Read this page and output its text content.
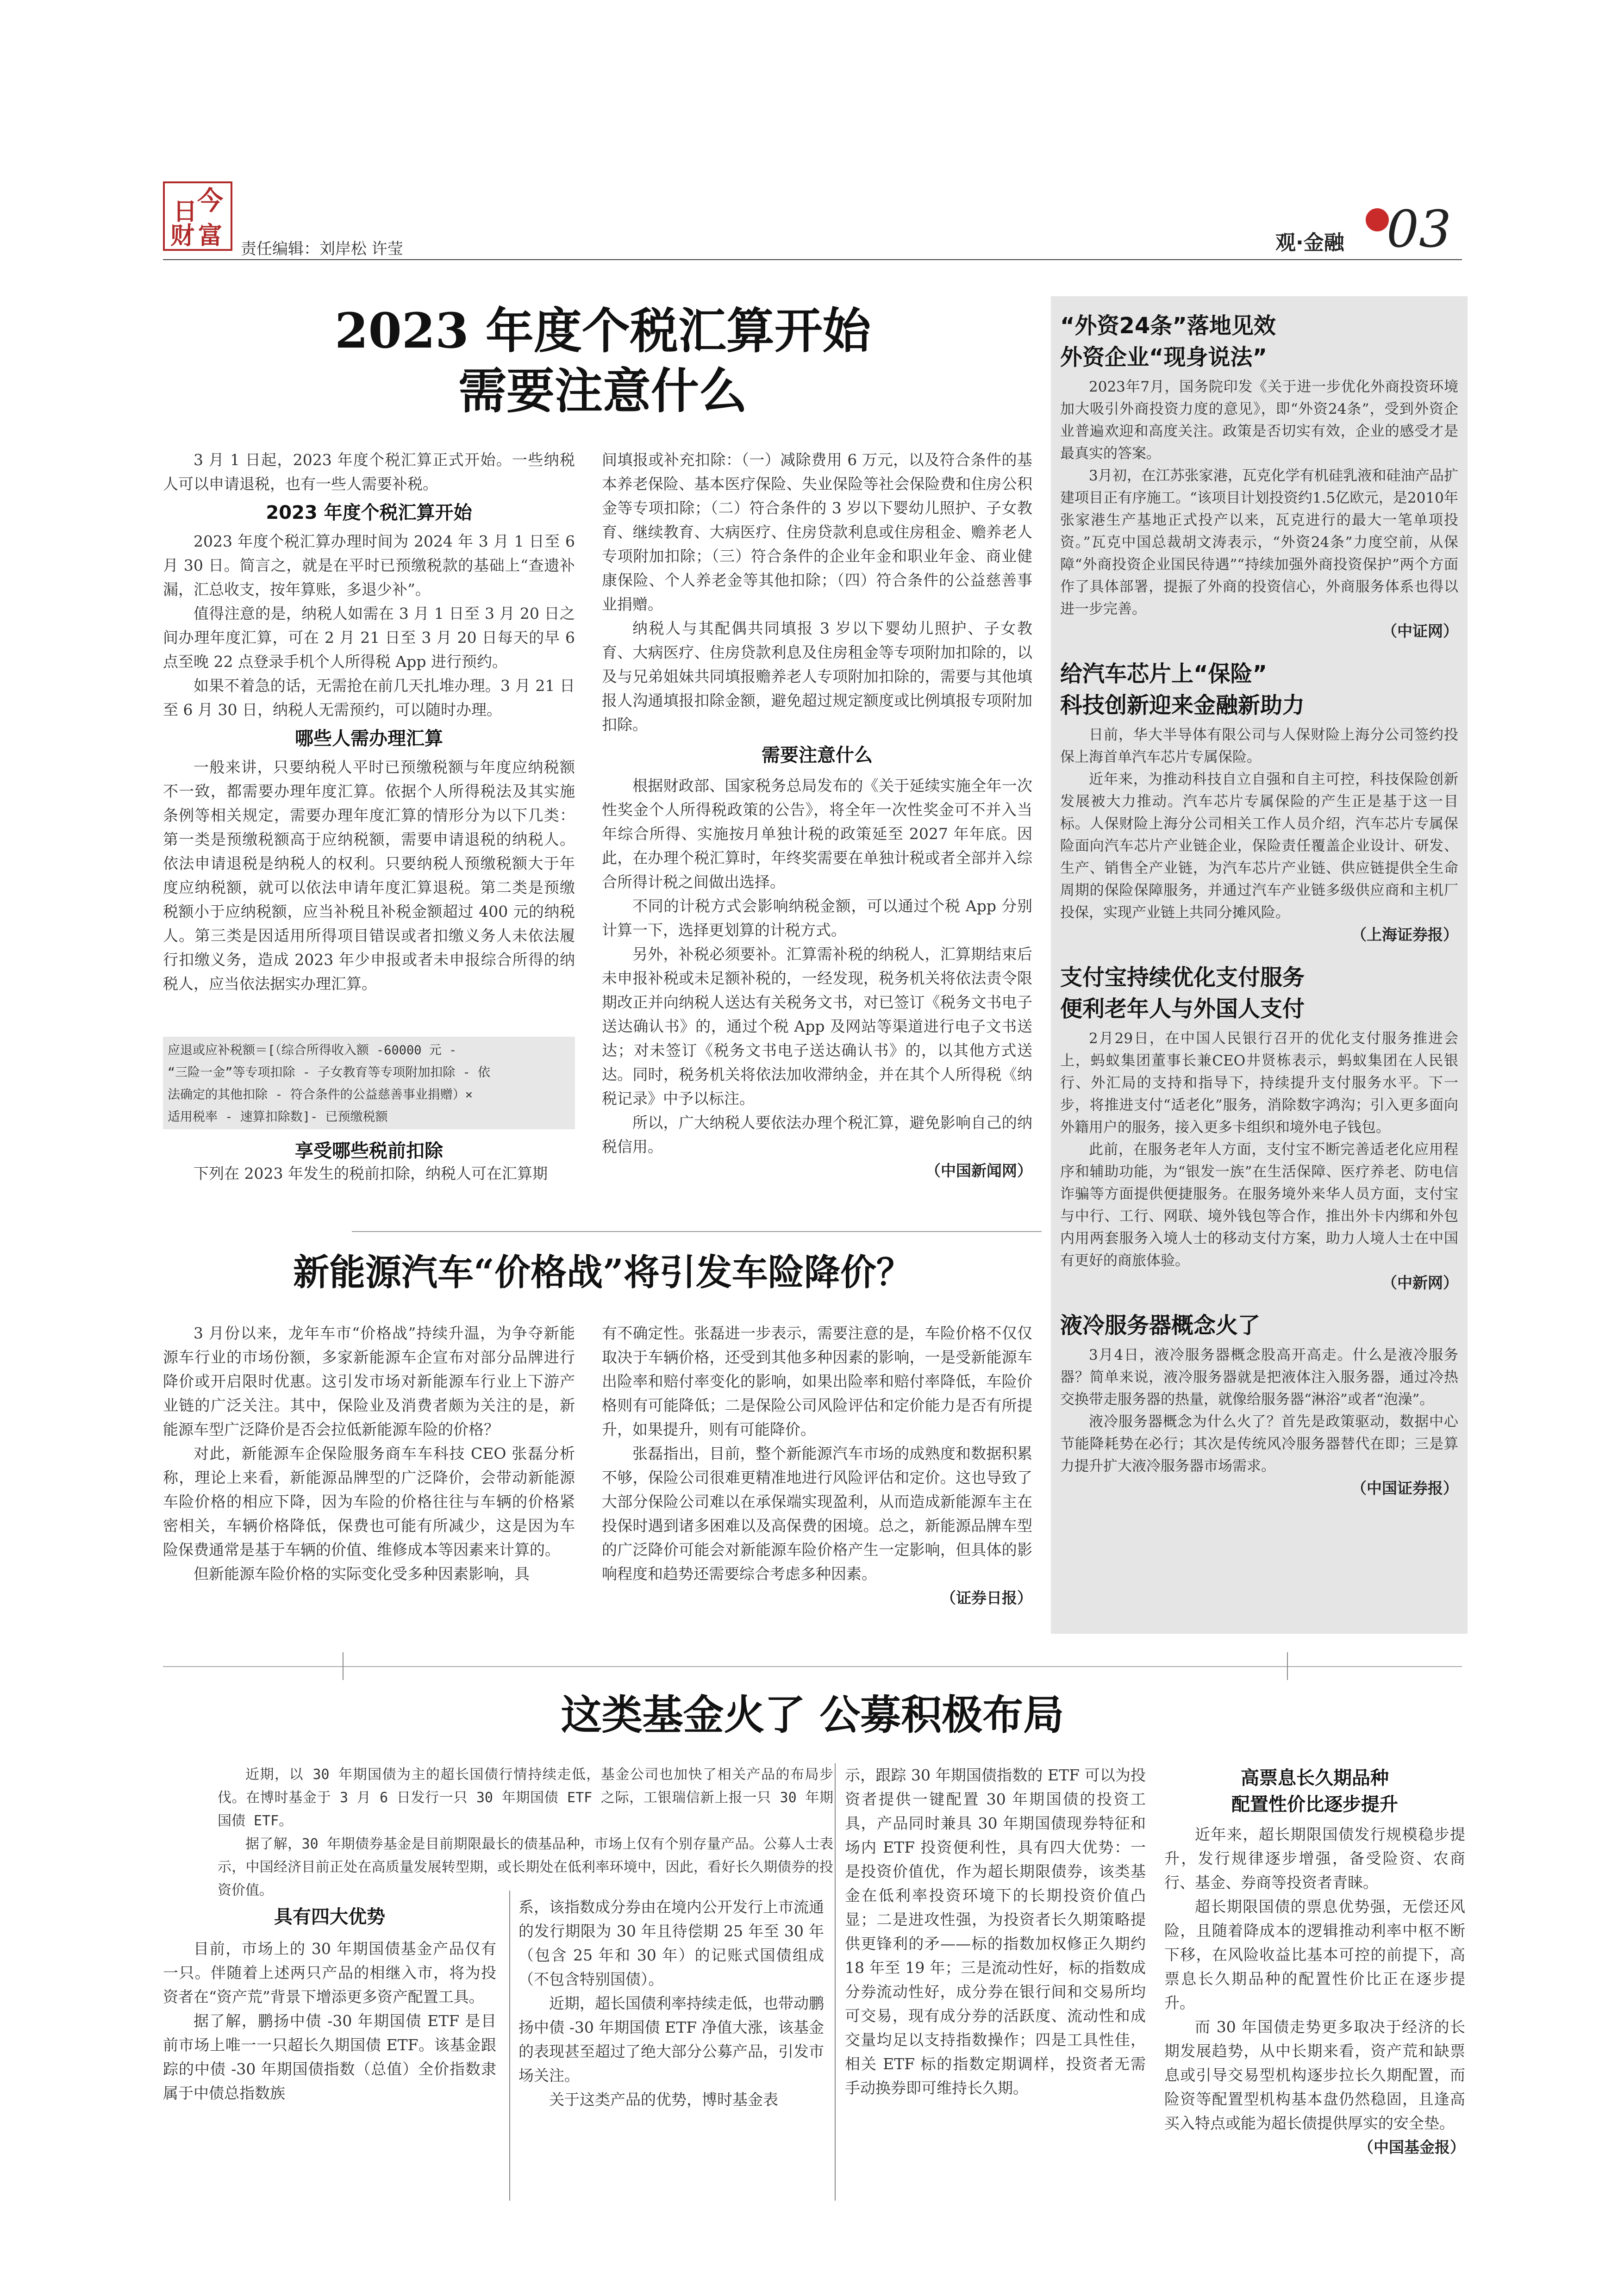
今
日
财 富 责任编辑：刘岸松 许莹	观·金融 03
2023 年度个税汇算开始
需要注意什么

3 月 1 日起，2023 年度个税汇算正式开始。一些纳税人可以申请退税，也有一些人需要补税。

2023 年度个税汇算开始

2023 年度个税汇算办理时间为 2024 年 3 月 1 日至 6 月 30 日。简言之，就是在平时已预缴税款的基础上“查遗补漏，汇总收支，按年算账，多退少补”。

值得注意的是，纳税人如需在 3 月 1 日至 3 月 20 日之间办理年度汇算，可在 2 月 21 日至 3 月 20 日每天的早 6 点至晚 22 点登录手机个人所得税 App 进行预约。

如果不着急的话，无需抢在前几天扎堆办理。3 月 21 日至 6 月 30 日，纳税人无需预约，可以随时办理。

哪些人需办理汇算

一般来讲，只要纳税人平时已预缴税额与年度应纳税额不一致，都需要办理年度汇算。依据个人所得税法及其实施条例等相关规定，需要办理年度汇算的情形分为以下几类：第一类是预缴税额高于应纳税额，需要申请退税的纳税人。依法申请退税是纳税人的权利。只要纳税人预缴税额大于年度应纳税额，就可以依法申请年度汇算退税。第二类是预缴税额小于应纳税额，应当补税且补税金额超过 400 元的纳税人。第三类是因适用所得项目错误或者扣缴义务人未依法履行扣缴义务，造成 2023 年少申报或者未申报综合所得的纳税人，应当依法据实办理汇算。

应退或应补税额＝[（综合所得收入额 -60000 元 -
“三险一金”等专项扣除 - 子女教育等专项附加扣除 - 依
法确定的其他扣除 - 符合条件的公益慈善事业捐赠）×
适用税率 - 速算扣除数]- 已预缴税额
享受哪些税前扣除

下列在 2023 年发生的税前扣除，纳税人可在汇算期

间填报或补充扣除：（一）减除费用 6 万元，以及符合条件的基本养老保险、基本医疗保险、失业保险等社会保险费和住房公积金等专项扣除；（二）符合条件的 3 岁以下婴幼儿照护、子女教育、继续教育、大病医疗、住房贷款利息或住房租金、赡养老人专项附加扣除；（三）符合条件的企业年金和职业年金、商业健康保险、个人养老金等其他扣除；（四）符合条件的公益慈善事业捐赠。

纳税人与其配偶共同填报 3 岁以下婴幼儿照护、子女教育、大病医疗、住房贷款利息及住房租金等专项附加扣除的，以及与兄弟姐妹共同填报赡养老人专项附加扣除的，需要与其他填报人沟通填报扣除金额，避免超过规定额度或比例填报专项附加扣除。

需要注意什么

根据财政部、国家税务总局发布的《关于延续实施全年一次性奖金个人所得税政策的公告》，将全年一次性奖金可不并入当年综合所得、实施按月单独计税的政策延至 2027 年年底。因此，在办理个税汇算时，年终奖需要在单独计税或者全部并入综合所得计税之间做出选择。

不同的计税方式会影响纳税金额，可以通过个税 App 分别计算一下，选择更划算的计税方式。

另外，补税必须要补。汇算需补税的纳税人，汇算期结束后未申报补税或未足额补税的，一经发现，税务机关将依法责令限期改正并向纳税人送达有关税务文书，对已签订《税务文书电子送达确认书》的，通过个税 App 及网站等渠道进行电子文书送达；对未签订《税务文书电子送达确认书》的，以其他方式送达。同时，税务机关将依法加收滞纳金，并在其个人所得税《纳税记录》中予以标注。

所以，广大纳税人要依法办理个税汇算，避免影响自己的纳税信用。

（中国新闻网）
“外资24条”落地见效
外资企业“现身说法”

2023年7月，国务院印发《关于进一步优化外商投资环境 加大吸引外商投资力度的意见》，即“外资24条”，受到外资企业普遍欢迎和高度关注。政策是否切实有效，企业的感受才是最真实的答案。

3月初，在江苏张家港，瓦克化学有机硅乳液和硅油产品扩建项目正有序施工。“该项目计划投资约1.5亿欧元，是2010年张家港生产基地正式投产以来，瓦克进行的最大一笔单项投资。”瓦克中国总裁胡文涛表示，“外资24条”力度空前，从保障“外商投资企业国民待遇”“持续加强外商投资保护”两个方面作了具体部署，提振了外商的投资信心，外商服务体系也得以进一步完善。

（中证网）
给汽车芯片上“保险”
科技创新迎来金融新助力

日前，华大半导体有限公司与人保财险上海分公司签约投保上海首单汽车芯片专属保险。

近年来，为推动科技自立自强和自主可控，科技保险创新发展被大力推动。汽车芯片专属保险的产生正是基于这一目标。人保财险上海分公司相关工作人员介绍，汽车芯片专属保险面向汽车芯片产业链企业，保险责任覆盖企业设计、研发、生产、销售全产业链，为汽车芯片产业链、供应链提供全生命周期的保险保障服务，并通过汽车产业链多级供应商和主机厂投保，实现产业链上共同分摊风险。

（上海证券报）
支付宝持续优化支付服务
便利老年人与外国人支付

2月29日，在中国人民银行召开的优化支付服务推进会上，蚂蚁集团董事长兼CEO井贤栋表示，蚂蚁集团在人民银行、外汇局的支持和指导下，持续提升支付服务水平。下一步，将推进支付“适老化”服务，消除数字鸿沟；引入更多面向外籍用户的服务，接入更多卡组织和境外电子钱包。

此前，在服务老年人方面，支付宝不断完善适老化应用程序和辅助功能，为“银发一族”在生活保障、医疗养老、防电信诈骗等方面提供便捷服务。在服务境外来华人员方面，支付宝与中行、工行、网联、境外钱包等合作，推出外卡内绑和外包内用两套服务入境人士的移动支付方案，助力人境人士在中国有更好的商旅体验。

（中新网）
液冷服务器概念火了

3月4日，液冷服务器概念股高开高走。什么是液冷服务器？简单来说，液冷服务器就是把液体注入服务器，通过冷热交换带走服务器的热量，就像给服务器“淋浴”或者“泡澡”。

液冷服务器概念为什么火了？首先是政策驱动，数据中心节能降耗势在必行；其次是传统风冷服务器替代在即；三是算力提升扩大液冷服务器市场需求。

（中国证券报）
新能源汽车“价格战”将引发车险降价？

3 月份以来，龙年车市“价格战”持续升温，为争夺新能源车行业的市场份额，多家新能源车企宣布对部分品牌进行降价或开启限时优惠。这引发市场对新能源车行业上下游产业链的广泛关注。其中，保险业及消费者颇为关注的是，新能源车型广泛降价是否会拉低新能源车险的价格？

对此，新能源车企保险服务商车车科技 CEO 张磊分析称，理论上来看，新能源品牌型的广泛降价，会带动新能源车险价格的相应下降，因为车险的价格往往与车辆的价格紧密相关，车辆价格降低，保费也可能有所减少，这是因为车险保费通常是基于车辆的价值、维修成本等因素来计算的。

但新能源车险价格的实际变化受多种因素影响，具

有不确定性。张磊进一步表示，需要注意的是，车险价格不仅仅取决于车辆价格，还受到其他多种因素的影响，一是受新能源车出险率和赔付率变化的影响，如果出险率和赔付率降低，车险价格则有可能降低；二是保险公司风险评估和定价能力是否有所提升，如果提升，则有可能降价。

张磊指出，目前，整个新能源汽车市场的成熟度和数据积累不够，保险公司很难更精准地进行风险评估和定价。这也导致了大部分保险公司难以在承保端实现盈利，从而造成新能源车主在投保时遇到诸多困难以及高保费的困境。总之，新能源品牌车型的广泛降价可能会对新能源车险价格产生一定影响，但具体的影响程度和趋势还需要综合考虑多种因素。

（证券日报）
这类基金火了 公募积极布局

近期，以 30 年期国债为主的超长国债行情持续走低，基金公司也加快了相关产品的布局步伐。在博时基金于 3 月 6 日发行一只 30 年期国债 ETF 之际，工银瑞信新上报一只 30 年期国债 ETF。

据了解，30 年期债券基金是目前期限最长的债基品种，市场上仅有个别存量产品。公募人士表示，中国经济目前正处在高质量发展转型期，或长期处在低利率环境中，因此，看好长久期债券的投资价值。

具有四大优势

目前，市场上的 30 年期国债基金产品仅有一只。伴随着上述两只产品的相继入市，将为投资者在“资产荒”背景下增添更多资产配置工具。

据了解，鹏扬中债 -30 年期国债 ETF 是目前市场上唯一一只超长久期国债 ETF。该基金跟踪的中债 -30 年期国债指数（总值）全价指数隶属于中债总指数族

系，该指数成分券由在境内公开发行上市流通的发行期限为 30 年且待偿期 25 年至 30 年（包含 25 年和 30 年）的记账式国债组成（不包含特别国债）。

近期，超长国债利率持续走低，也带动鹏扬中债 -30 年期国债 ETF 净值大涨，该基金的表现甚至超过了绝大部分公募产品，引发市场关注。

关于这类产品的优势，博时基金表

示，跟踪 30 年期国债指数的 ETF 可以为投资者提供一键配置 30 年期国债的投资工具，产品同时兼具 30 年期国债现券特征和场内 ETF 投资便利性，具有四大优势：一是投资价值优，作为超长期限债券，该类基金在低利率投资环境下的长期投资价值凸显；二是进攻性强，为投资者长久期策略提供更锋利的矛——标的指数加权修正久期约 18 年至 19 年；三是流动性好，标的指数成分券流动性好，成分券在银行间和交易所均可交易，现有成分券的活跃度、流动性和成交量均足以支持指数操作；四是工具性佳，相关 ETF 标的指数定期调样，投资者无需手动换券即可维持长久期。

高票息长久期品种
配置性价比逐步提升

近年来，超长期限国债发行规模稳步提升，发行规律逐步增强，备受险资、农商行、基金、券商等投资者青睐。

超长期限国债的票息优势强，无偿还风险，且随着降成本的逻辑推动利率中枢不断下移，在风险收益比基本可控的前提下，高票息长久期品种的配置性价比正在逐步提升。

而 30 年国债走势更多取决于经济的长期发展趋势，从中长期来看，资产荒和缺票息或引导交易型机构逐步拉长久期配置，而险资等配置型机构基本盘仍然稳固，且逢高买入特点或能为超长债提供厚实的安全垫。

（中国基金报）
